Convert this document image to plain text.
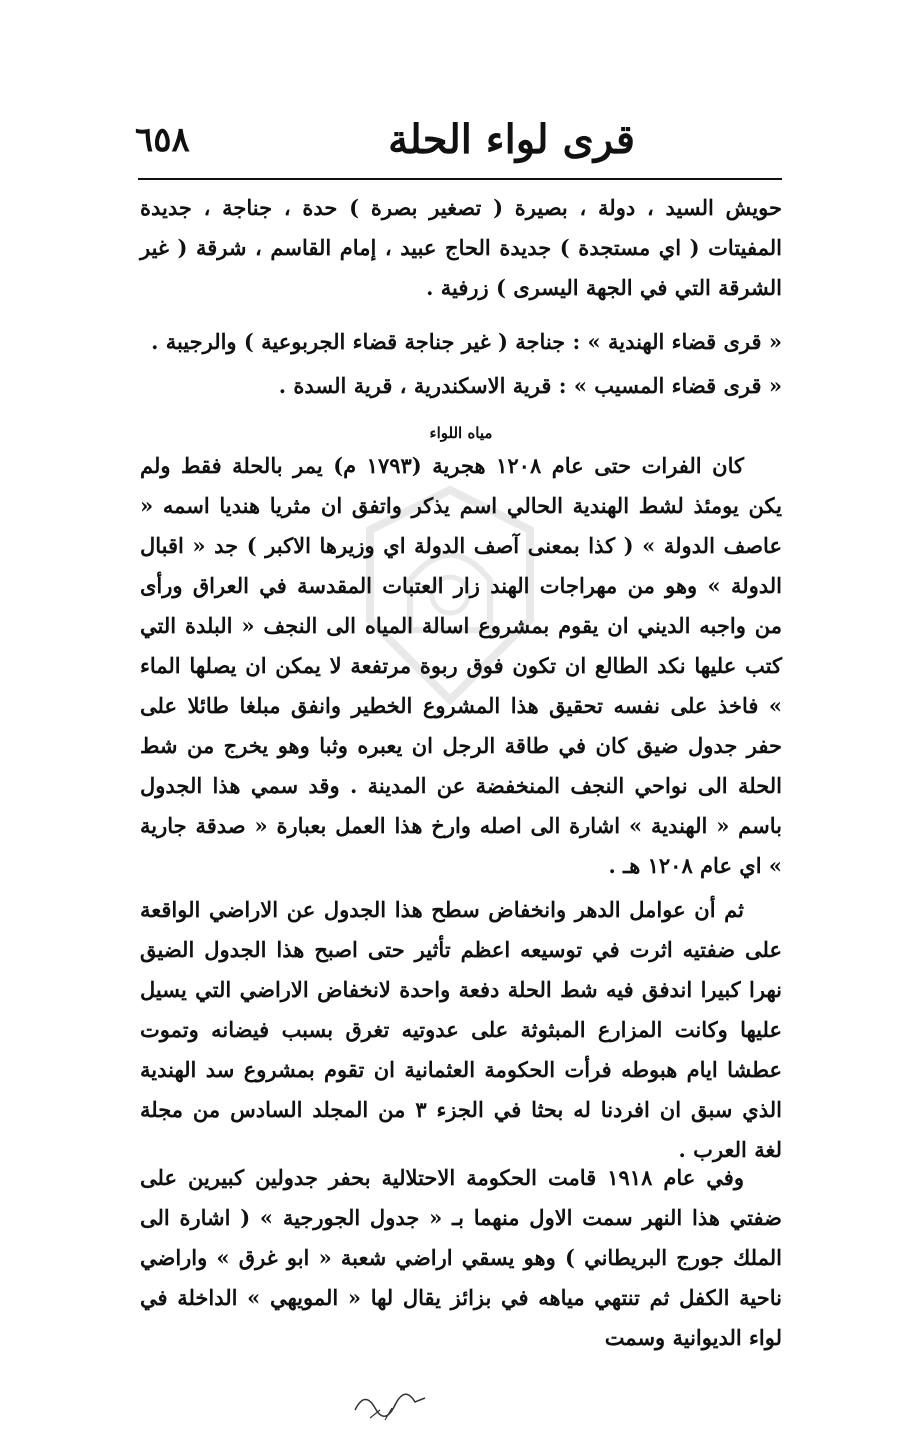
٦٥٨	قرى لواء الحلة
حويش السيد ، دولة ، بصيرة ( تصغير بصرة ) حدة ، جناجة ، جديدة المفيتات ( اي مستجدة ) جديدة الحاج عبيد ، إمام القاسم ، شرقة ( غير الشرقة التي في الجهة اليسرى ) زرفية .
« قرى قضاء الهندية » : جناجة ( غير جناجة قضاء الجربوعية ) والرجيبة .
« قرى قضاء المسيب » : قرية الاسكندرية ، قرية السدة .
مياه اللواء
كان الفرات حتى عام ١٢٠٨ هجرية (١٧٩٣ م) يمر بالحلة فقط ولم يكن يومئذ لشط الهندية الحالي اسم يذكر واتفق ان مثريا هنديا اسمه « عاصف الدولة » ( كذا بمعنى آصف الدولة اي وزيرها الاكبر ) جد « اقبال الدولة » وهو من مهراجات الهند زار العتبات المقدسة في العراق ورأى من واجبه الديني ان يقوم بمشروع اسالة المياه الى النجف « البلدة التي كتب عليها نكد الطالع ان تكون فوق ربوة مرتفعة لا يمكن ان يصلها الماء » فاخذ على نفسه تحقيق هذا المشروع الخطير وانفق مبلغا طائلا على حفر جدول ضيق كان في طاقة الرجل ان يعبره وثبا وهو يخرج من شط الحلة الى نواحي النجف المنخفضة عن المدينة . وقد سمي هذا الجدول باسم « الهندية » اشارة الى اصله وارخ هذا العمل بعبارة « صدقة جارية » اي عام ١٢٠٨ هـ .
ثم أن عوامل الدهر وانخفاض سطح هذا الجدول عن الاراضي الواقعة على ضفتيه اثرت في توسيعه اعظم تأثير حتى اصبح هذا الجدول الضيق نهرا كبيرا اندفق فيه شط الحلة دفعة واحدة لانخفاض الاراضي التي يسيل عليها وكانت المزارع المبثوثة على عدوتيه تغرق بسبب فيضانه وتموت عطشا ايام هبوطه فرأت الحكومة العثمانية ان تقوم بمشروع سد الهندية الذي سبق ان افردنا له بحثا في الجزء ٣ من المجلد السادس من مجلة لغة العرب .
وفي عام ١٩١٨ قامت الحكومة الاحتلالية بحفر جدولين كبيرين على ضفتي هذا النهر سمت الاول منهما بـ « جدول الجورجية » ( اشارة الى الملك جورج البريطاني ) وهو يسقي اراضي شعبة « ابو غرق » واراضي ناحية الكفل ثم تنتهي مياهه في بزائز يقال لها « المويهي » الداخلة في لواء الديوانية وسمت
